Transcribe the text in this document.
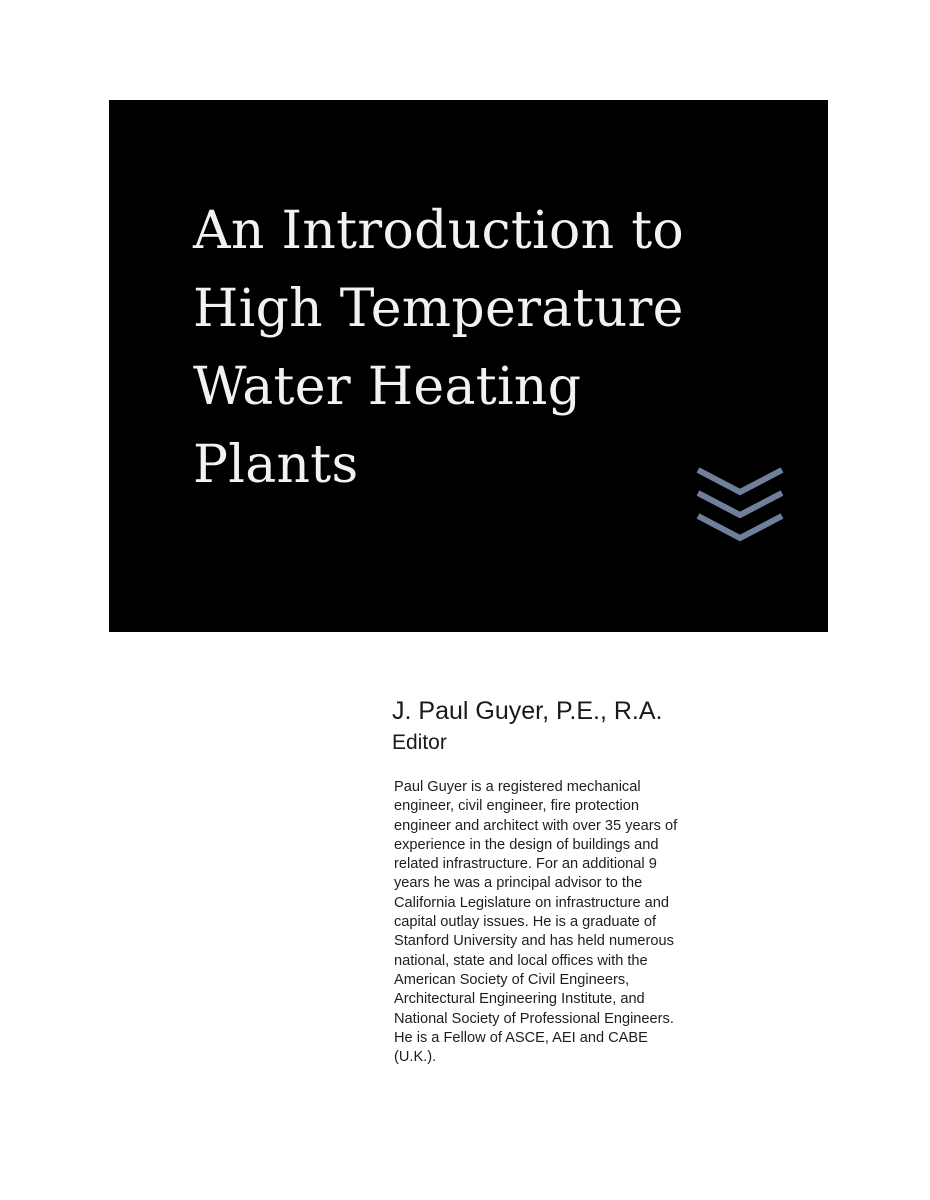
An Introduction to
High Temperature
Water Heating
Plants
J. Paul Guyer, P.E., R.A.
Editor

Paul Guyer is a registered mechanical
engineer, civil engineer, fire protection
engineer and architect with over 35 years of
experience in the design of buildings and
related infrastructure. For an additional 9
years he was a principal advisor to the
California Legislature on infrastructure and
capital outlay issues. He is a graduate of
Stanford University and has held numerous
national, state and local offices with the
American Society of Civil Engineers,
Architectural Engineering Institute, and
National Society of Professional Engineers.
He is a Fellow of ASCE, AEI and CABE
(U.K.).
